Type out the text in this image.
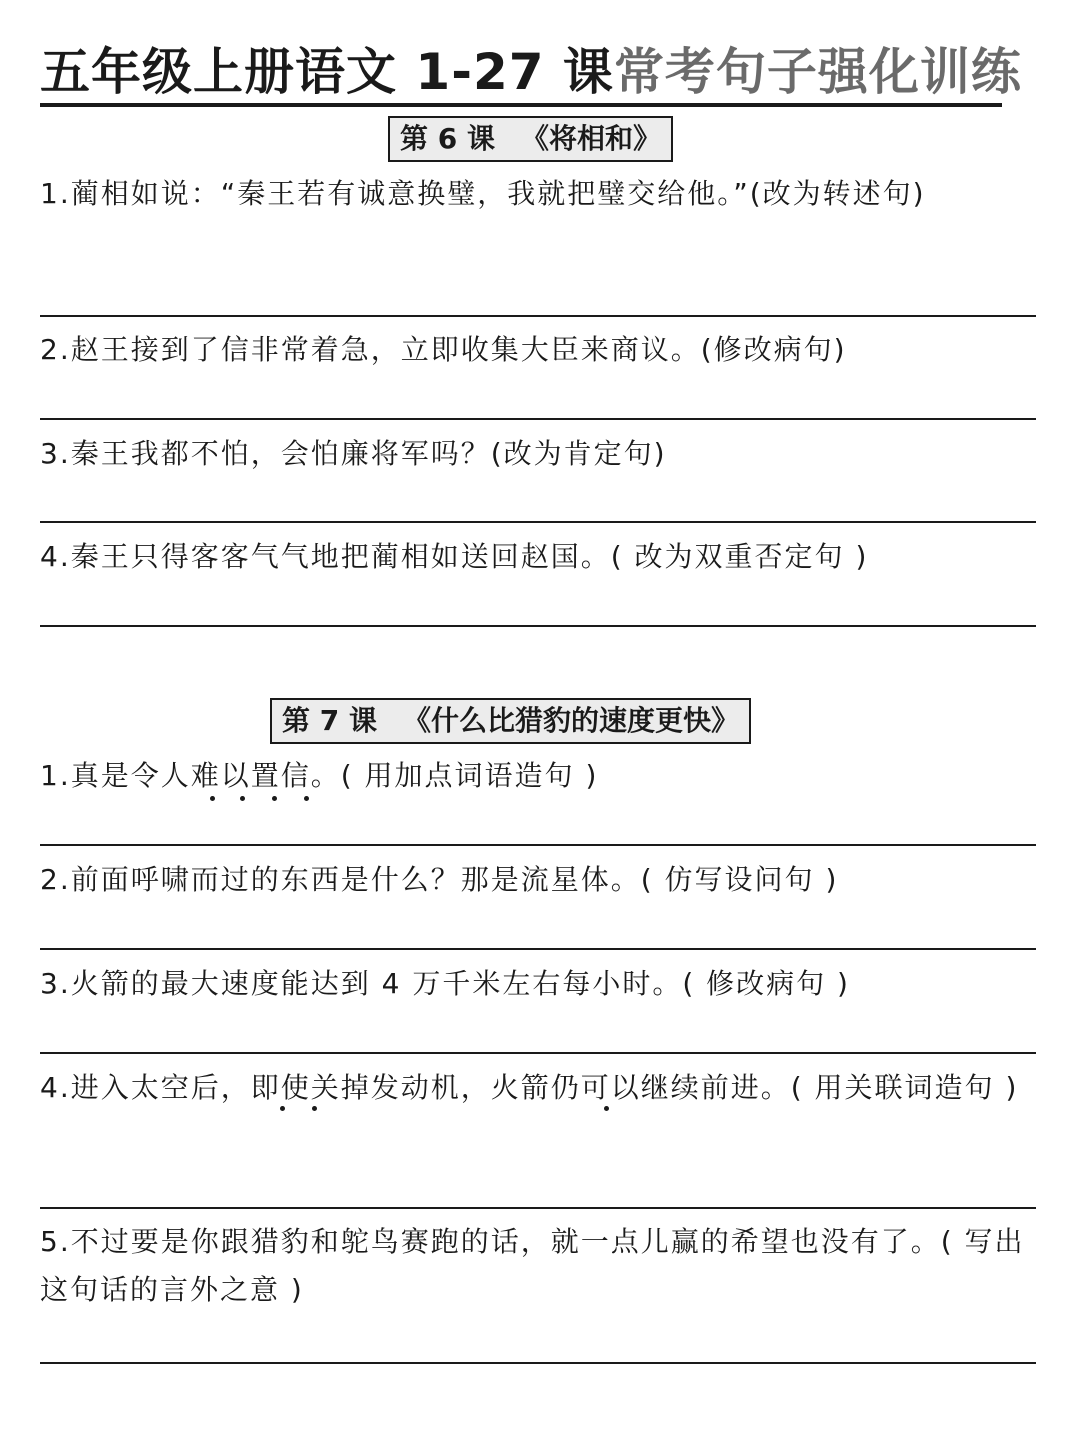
五年级上册语文 1-27 课常考句子强化训练
第 6 课 《将相和》
1.蔺相如说：“秦王若有诚意换璧，我就把璧交给他。”(改为转述句)
2.赵王接到了信非常着急，立即收集大臣来商议。(修改病句)
3.秦王我都不怕，会怕廉将军吗？(改为肯定句)
4.秦王只得客客气气地把蔺相如送回赵国。( 改为双重否定句 )
第 7 课 《什么比猎豹的速度更快》
1.真是令人难以置信。( 用加点词语造句 )
2.前面呼啸而过的东西是什么？那是流星体。( 仿写设问句 )
3.火箭的最大速度能达到 4 万千米左右每小时。( 修改病句 )
4.进入太空后，即使关掉发动机，火箭仍可以继续前进。( 用关联词造句 )
5.不过要是你跟猎豹和鸵鸟赛跑的话，就一点儿赢的希望也没有了。( 写出这句话的言外之意 )
